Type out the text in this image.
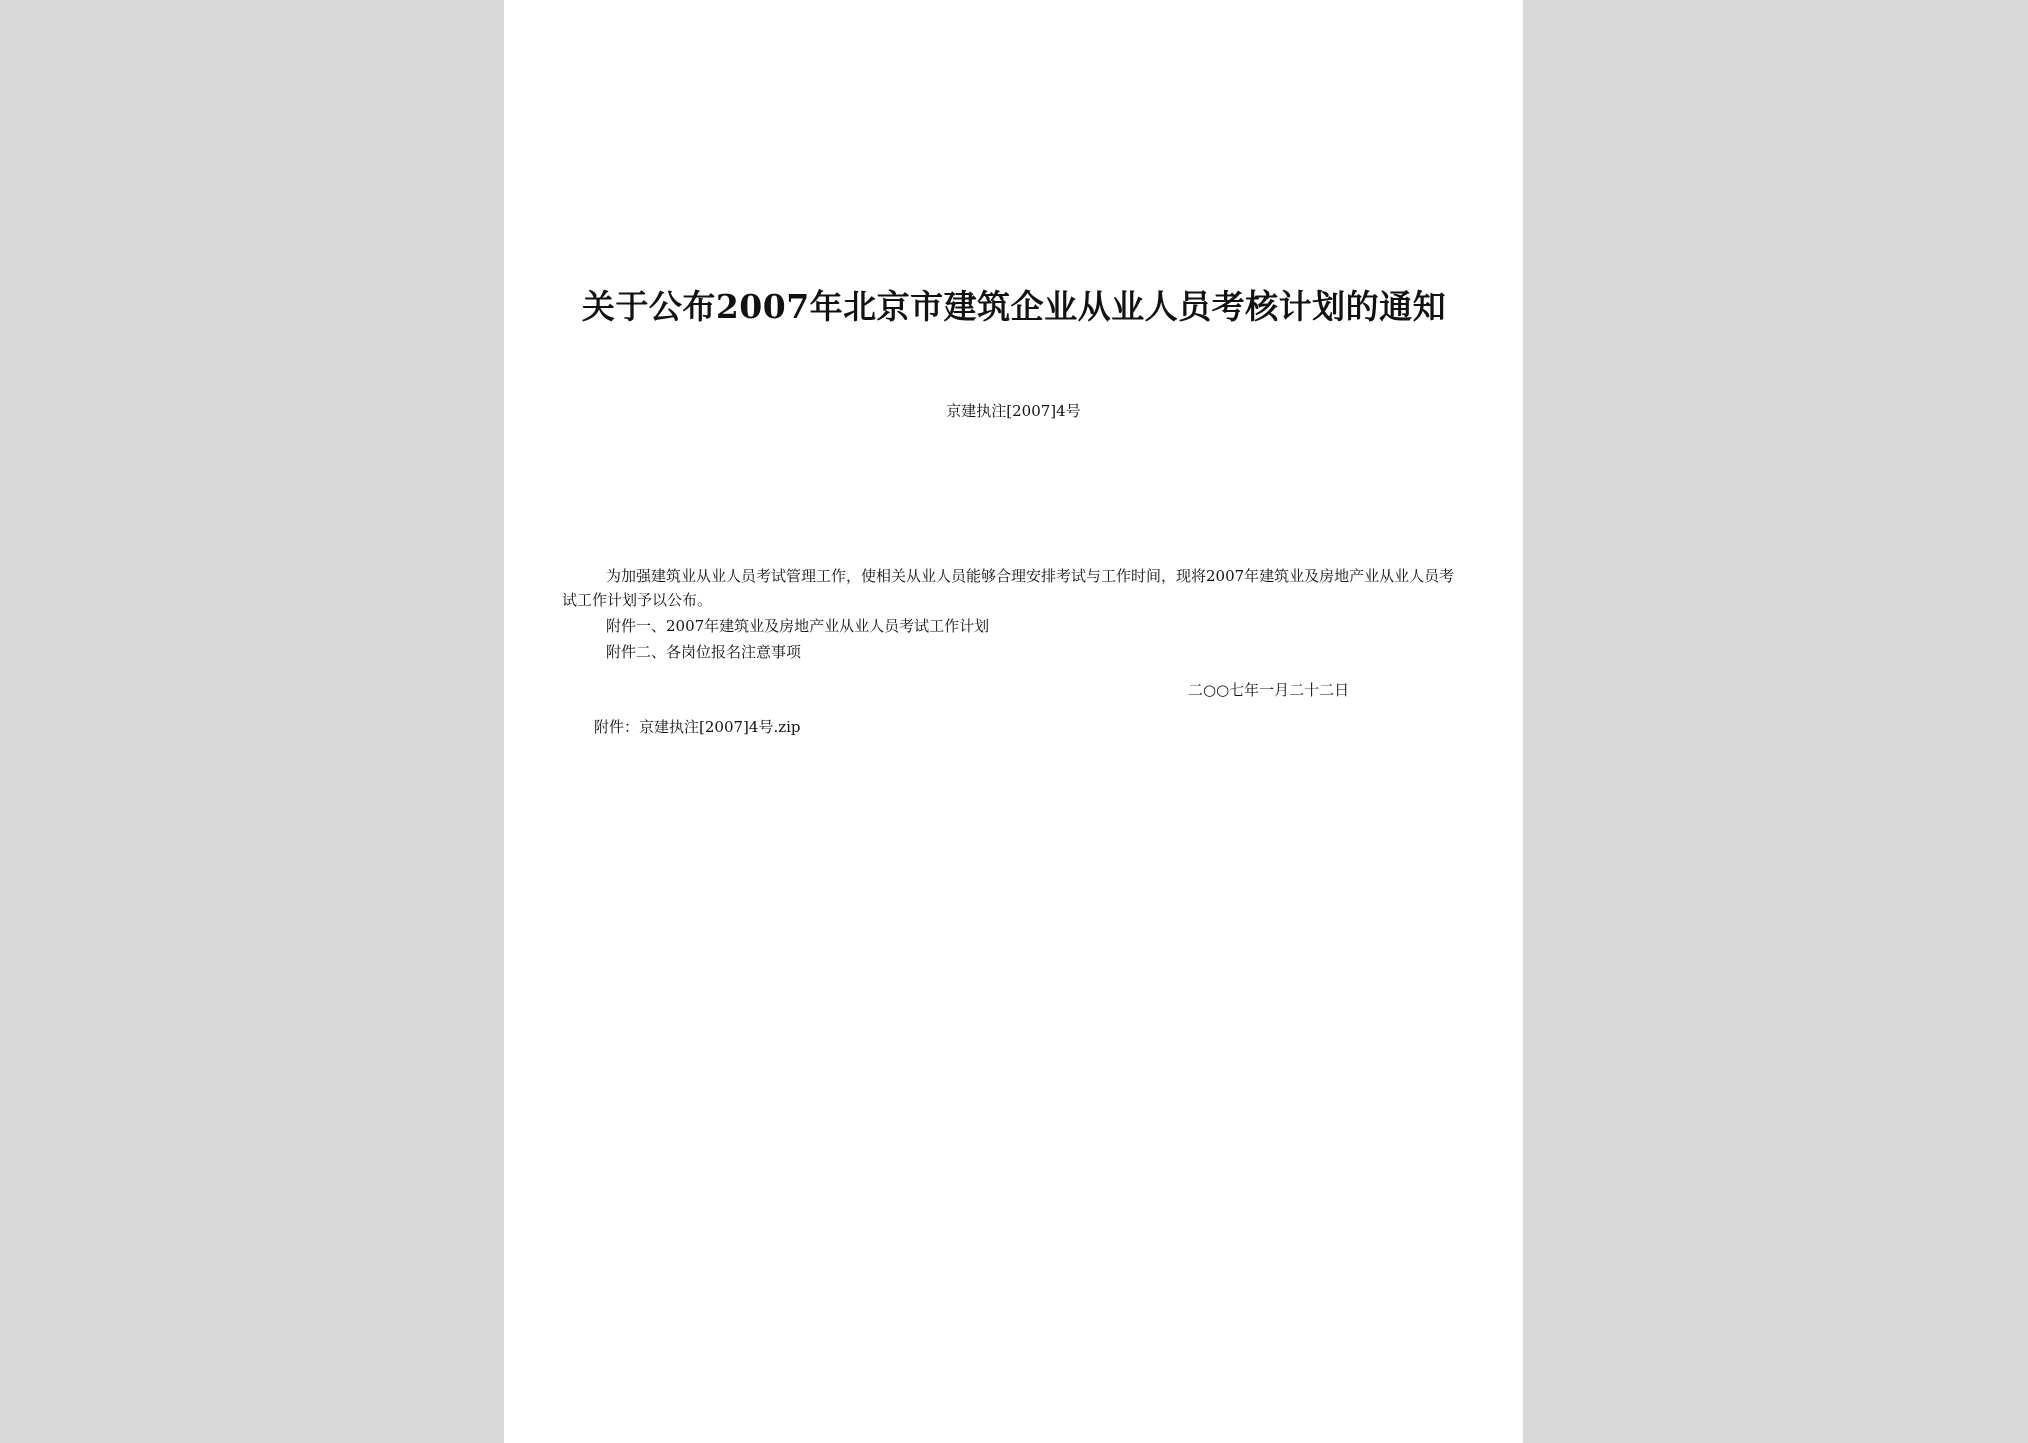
关于公布2007年北京市建筑企业从业人员考核计划的通知
京建执注[2007]4号
为加强建筑业从业人员考试管理工作，使相关从业人员能够合理安排考试与工作时间，现将2007年建筑业及房地产业从业人员考试工作计划予以公布。
附件一、2007年建筑业及房地产业从业人员考试工作计划
附件二、各岗位报名注意事项
二○○七年一月二十二日
附件：京建执注[2007]4号.zip
